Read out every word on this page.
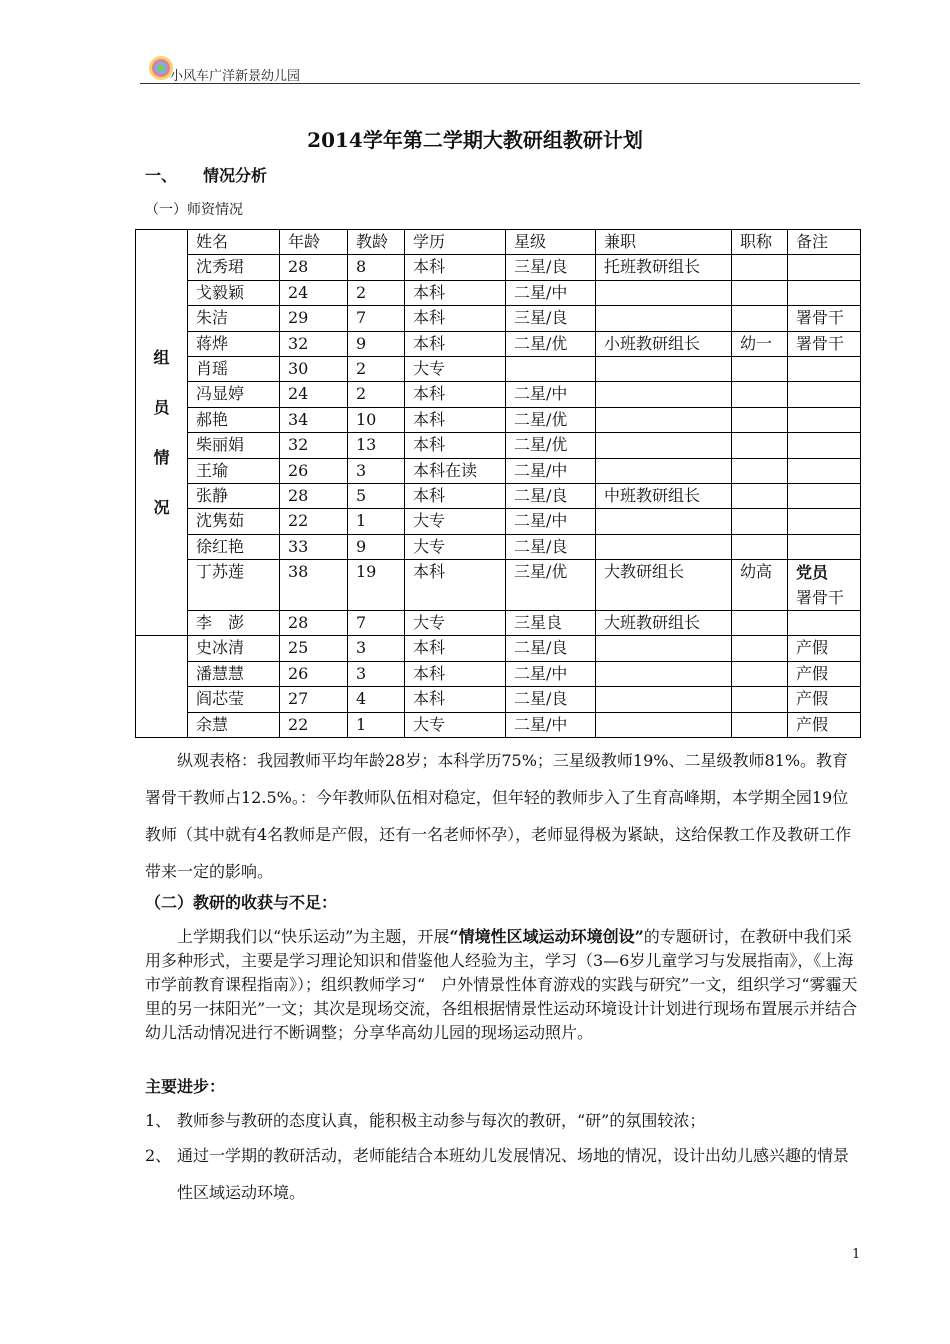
小风车广洋新景幼儿园
2014学年第二学期大教研组教研计划
一、 情况分析
（一）师资情况
组
员
情
况	姓名	年龄	教龄	学历	星级	兼职	职称	备注
	沈秀珺	28	8	本科	三星/良	托班教研组长		
	戈毅颖	24	2	本科	二星/中			
	朱洁	29	7	本科	三星/良			署骨干
	蒋烨	32	9	本科	二星/优	小班教研组长	幼一	署骨干
	肖瑶	30	2	大专				
	冯显婷	24	2	本科	二星/中			
	郝艳	34	10	本科	二星/优			
	柴丽娟	32	13	本科	二星/优			
	王瑜	26	3	本科在读	二星/中			
	张静	28	5	本科	二星/良	中班教研组长		
	沈隽茹	22	1	大专	二星/中			
	徐红艳	33	9	大专	二星/良			
	丁苏莲	38	19	本科	三星/优	大教研组长	幼高	党员
署骨干

	李　澎	28	7	大专	三星良	大班教研组长		
	史冰清	25	3	本科	二星/良			产假
	潘慧慧	26	3	本科	二星/中			产假
	阎芯莹	27	4	本科	二星/良			产假
	余慧	22	1	大专	二星/中			产假
纵观表格：我园教师平均年龄28岁；本科学历75%；三星级教师19%、二星级教师81%。教育署骨干教师占12.5%。：今年教师队伍相对稳定，但年轻的教师步入了生育高峰期，本学期全园19位教师（其中就有4名教师是产假，还有一名老师怀孕），老师显得极为紧缺，这给保教工作及教研工作带来一定的影响。
（二）教研的收获与不足：
上学期我们以“快乐运动”为主题，开展“情境性区域运动环境创设”的专题研讨，在教研中我们采用多种形式，主要是学习理论知识和借鉴他人经验为主，学习（3—6岁儿童学习与发展指南》，《上海市学前教育课程指南》）；组织教师学习“　户外情景性体育游戏的实践与研究”一文，组织学习“雾霾天里的另一抹阳光”一文；其次是现场交流，各组根据情景性运动环境设计计划进行现场布置展示并结合幼儿活动情况进行不断调整；分享华高幼儿园的现场运动照片。
主要进步：
1、 教师参与教研的态度认真，能积极主动参与每次的教研，“研”的氛围较浓；
2、 通过一学期的教研活动，老师能结合本班幼儿发展情况、场地的情况，设计出幼儿感兴趣的情景性区域运动环境。
1
